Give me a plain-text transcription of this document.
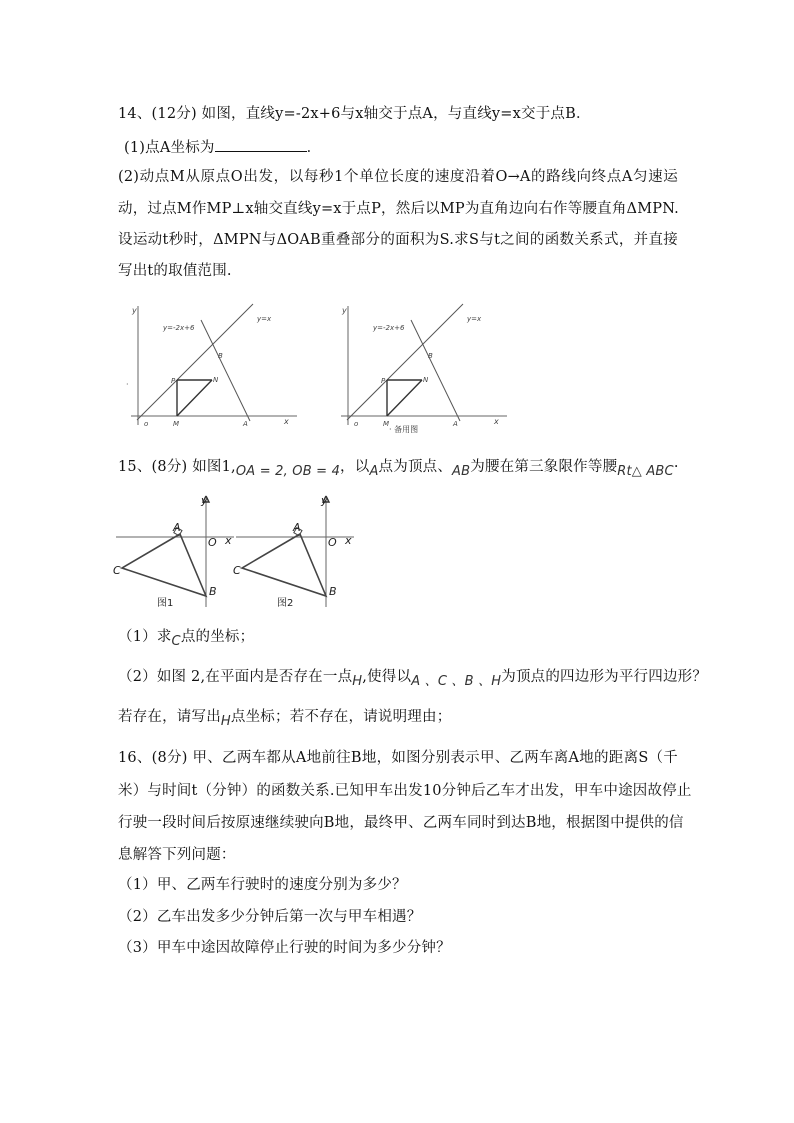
14、(12分) 如图，直线y=-2x+6与x轴交于点A，与直线y=x交于点B．
(1)点A坐标为	．
(2)动点M从原点O出发，以每秒1个单位长度的速度沿着O→A的路线向终点A匀速运
动，过点M作MP⊥x轴交直线y=x于点P，然后以MP为直角边向右作等腰直角ΔMPN.
设运动t秒时，ΔMPN与ΔOAB重叠部分的面积为S.求S与t之间的函数关系式，并直接
写出t的取值范围.
y
x
o
y=-2x+6
y=x
B
P	N
M	A
·
y
x
o
y=-2x+6
y=x
B
P	N
M	A
· 备用图
15、(8分) 如图1,OA = 2, OB = 4，以A点为顶点、AB为腰在第三象限作等腰Rt△ ABC·
y
x
O
A
B
C
图1
y
x
O
A
B
C
图2
（1）求C点的坐标；
（2）如图 2,在平面内是否存在一点H,使得以A 、C 、B 、H为顶点的四边形为平行四边形？
若存在，请写出H点坐标；若不存在，请说明理由；
16、(8分) 甲、乙两车都从A地前往B地，如图分别表示甲、乙两车离A地的距离S（千
米）与时间t（分钟）的函数关系.已知甲车出发10分钟后乙车才出发，甲车中途因故停止
行驶一段时间后按原速继续驶向B地，最终甲、乙两车同时到达B地，根据图中提供的信
息解答下列问题：
（1）甲、乙两车行驶时的速度分别为多少？
（2）乙车出发多少分钟后第一次与甲车相遇？
（3）甲车中途因故障停止行驶的时间为多少分钟？
